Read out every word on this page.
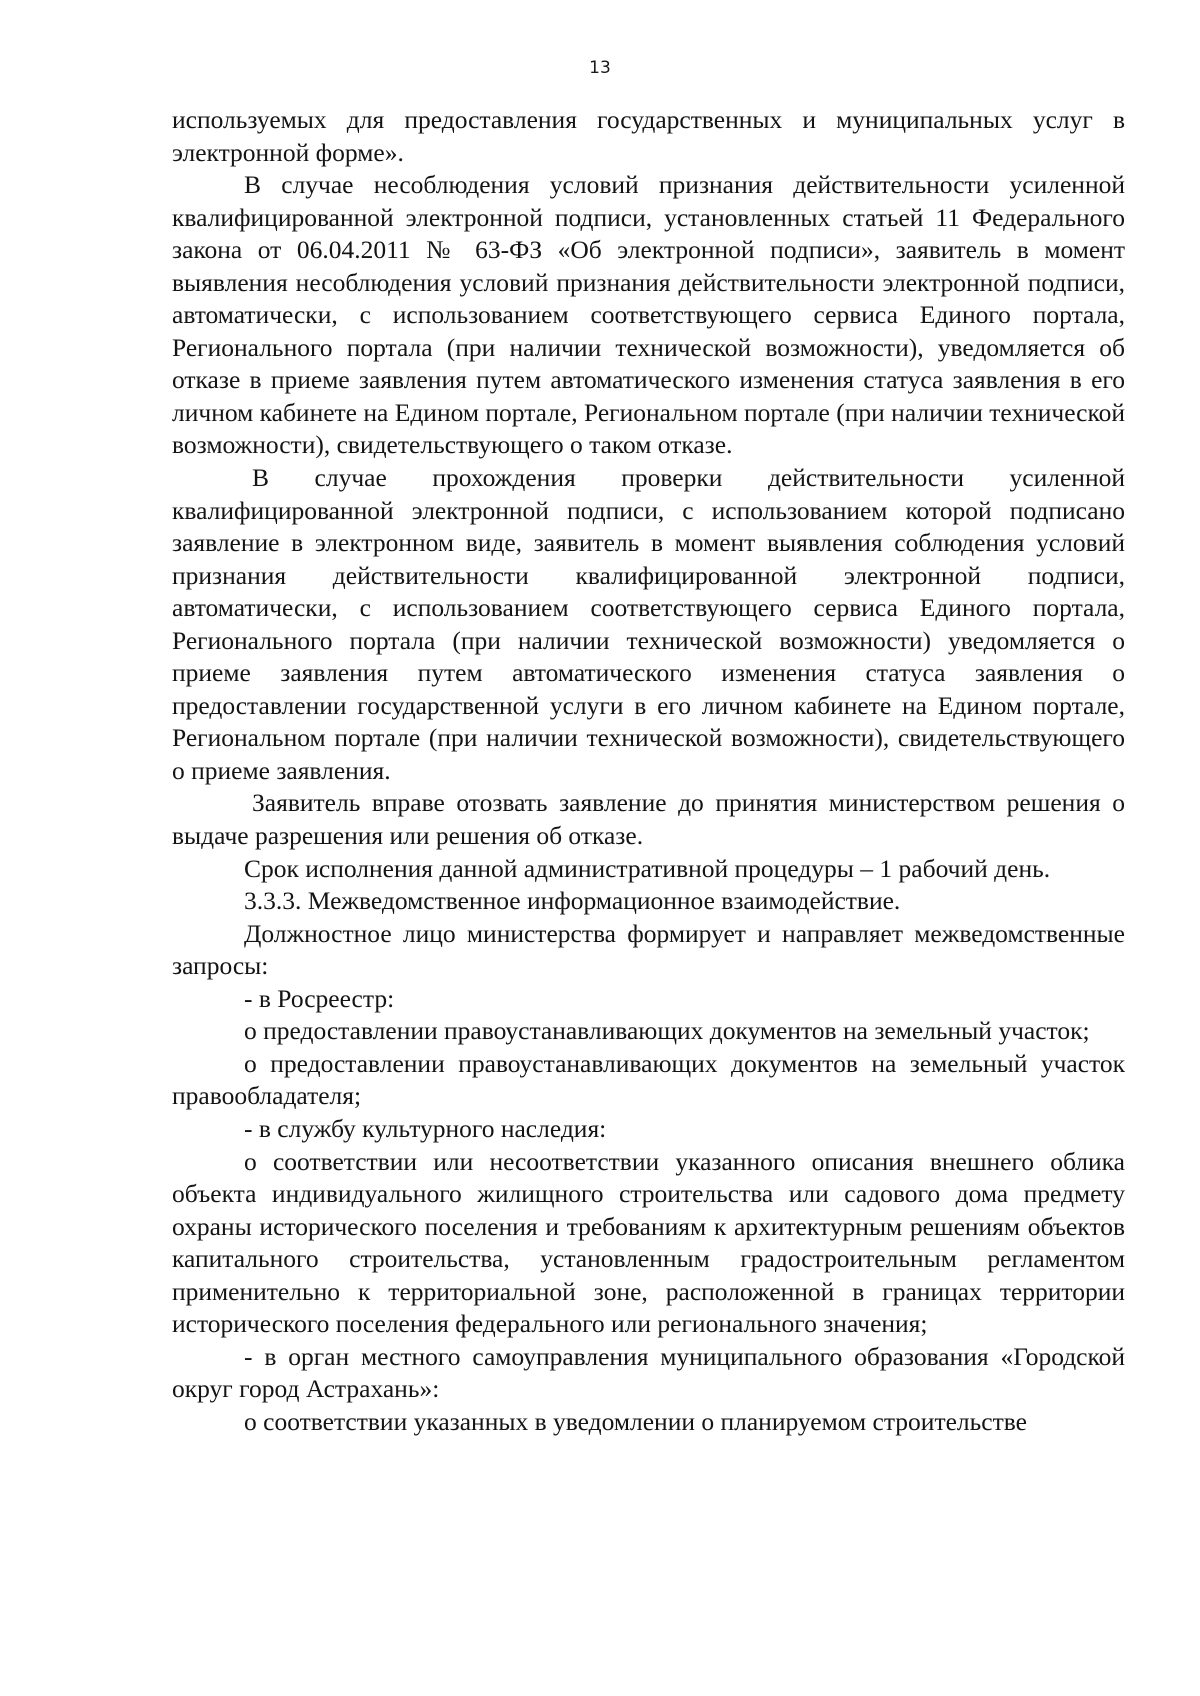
13

используемых для предоставления государственных и муниципальных услуг в электронной форме».

В случае несоблюдения условий признания действительности усиленной квалифицированной электронной подписи, установленных статьей 11 Федерального закона от 06.04.2011 № 63-ФЗ «Об электронной подписи», заявитель в момент выявления несоблюдения условий признания действительности электронной подписи, автоматически, с использованием соответствующего сервиса Единого портала, Регионального портала (при наличии технической возможности), уведомляется об отказе в приеме заявления путем автоматического изменения статуса заявления в его личном кабинете на Едином портале, Региональном портале (при наличии технической возможности), свидетельствующего о таком отказе.

В случае прохождения проверки действительности усиленной квалифицированной электронной подписи, с использованием которой подписано заявление в электронном виде, заявитель в момент выявления соблюдения условий признания действительности квалифицированной электронной подписи, автоматически, с использованием соответствующего сервиса Единого портала, Регионального портала (при наличии технической возможности) уведомляется о приеме заявления путем автоматического изменения статуса заявления о предоставлении государственной услуги в его личном кабинете на Едином портале, Региональном портале (при наличии технической возможности), свидетельствующего о приеме заявления.

Заявитель вправе отозвать заявление до принятия министерством решения о выдаче разрешения или решения об отказе.

Срок исполнения данной административной процедуры – 1 рабочий день.

3.3.3. Межведомственное информационное взаимодействие.

Должностное лицо министерства формирует и направляет межведомственные запросы:

- в Росреестр:

о предоставлении правоустанавливающих документов на земельный участок;

о предоставлении правоустанавливающих документов на земельный участок правообладателя;

- в службу культурного наследия:

о соответствии или несоответствии указанного описания внешнего облика объекта индивидуального жилищного строительства или садового дома предмету охраны исторического поселения и требованиям к архитектурным решениям объектов капитального строительства, установленным градостроительным регламентом применительно к территориальной зоне, расположенной в границах территории исторического поселения федерального или регионального значения;

- в орган местного самоуправления муниципального образования «Городской округ город Астрахань»:

о соответствии указанных в уведомлении о планируемом строительстве
